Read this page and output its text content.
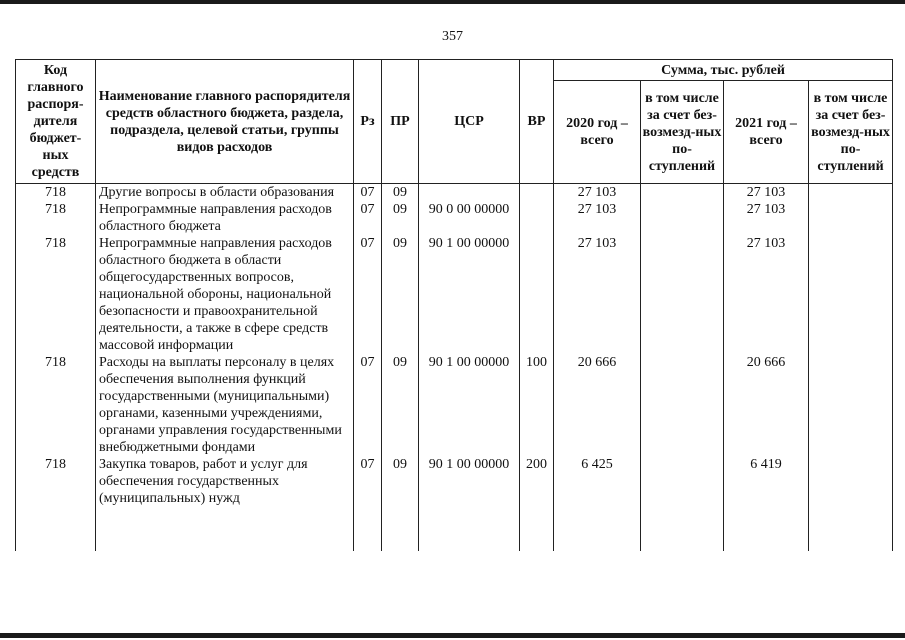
357
Код главного распоря-дителя бюджет-ных средств	Наименование главного распорядителя средств областного бюджета, раздела, подраздела, целевой статьи, группы видов расходов	Рз	ПР	ЦСР	ВР	Сумма, тыс. рублей			
						2020 год – всего	в том числе за счет без-возмезд-ных по-ступлений	2021 год – всего	в том числе за счет без-возмезд-ных по-ступлений
718	Другие вопросы в области образования	07	09			27 103		27 103	
718	Непрограммные направления расходов областного бюджета	07	09	90 0 00 00000		27 103		27 103	
718	Непрограммные направления расходов областного бюджета в области общегосударственных вопросов, национальной обороны, национальной безопасности и правоохранительной деятельности, а также в сфере средств массовой информации	07	09	90 1 00 00000		27 103		27 103	
718	Расходы на выплаты персоналу в целях обеспечения выполнения функций государственными (муниципальными) органами, казенными учреждениями, органами управления государственными внебюджетными фондами	07	09	90 1 00 00000	100	20 666		20 666	
718	Закупка товаров, работ и услуг для обеспечения государственных (муниципальных) нужд	07	09	90 1 00 00000	200	6 425		6 419	
